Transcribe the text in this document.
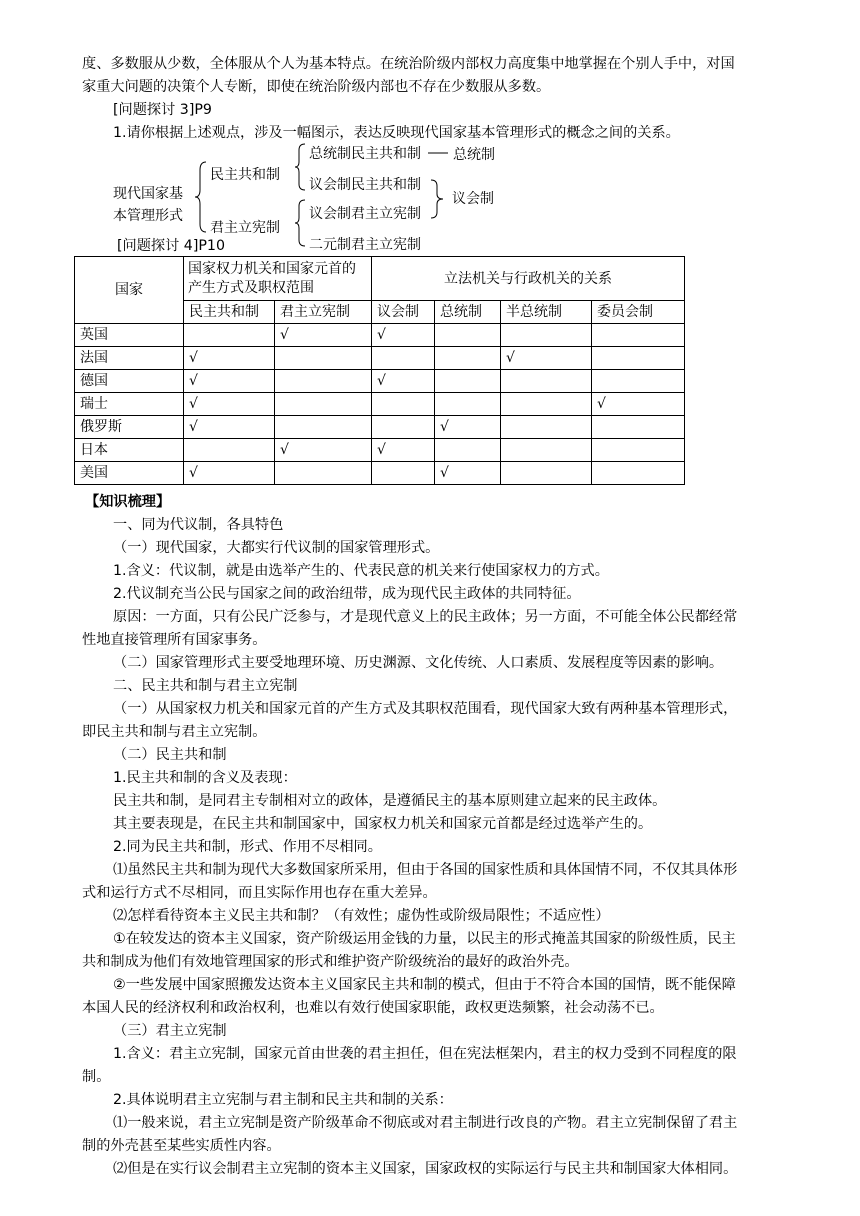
度、多数服从少数，全体服从个人为基本特点。在统治阶级内部权力高度集中地掌握在个别人手中，对国
家重大问题的决策个人专断，即使在统治阶级内部也不存在少数服从多数。
[问题探讨 3]P9
1.请你根据上述观点，涉及一幅图示，表达反映现代国家基本管理形式的概念之间的关系。
现代国家基
本管理形式
民主共和制
君主立宪制
总统制民主共和制
议会制民主共和制
议会制君主立宪制
二元制君主立宪制
总统制
议会制
[问题探讨 4]P10
国家	国家权力机关和国家元首的产生方式及职权范围		立法机关与行政机关的关系			
	民主共和制	君主立宪制	议会制	总统制	半总统制	委员会制
英国		√	√			
法国	√				√	
德国	√		√			
瑞士	√					√
俄罗斯	√			√		
日本		√	√			
美国	√			√		
【知识梳理】
一、同为代议制，各具特色
（一）现代国家，大都实行代议制的国家管理形式。
1.含义：代议制，就是由选举产生的、代表民意的机关来行使国家权力的方式。
2.代议制充当公民与国家之间的政治纽带，成为现代民主政体的共同特征。
原因：一方面，只有公民广泛参与，才是现代意义上的民主政体；另一方面，不可能全体公民都经常
性地直接管理所有国家事务。
（二）国家管理形式主要受地理环境、历史渊源、文化传统、人口素质、发展程度等因素的影响。
二、民主共和制与君主立宪制
（一）从国家权力机关和国家元首的产生方式及其职权范围看，现代国家大致有两种基本管理形式，
即民主共和制与君主立宪制。
（二）民主共和制
1.民主共和制的含义及表现：
民主共和制，是同君主专制相对立的政体，是遵循民主的基本原则建立起来的民主政体。
其主要表现是，在民主共和制国家中，国家权力机关和国家元首都是经过选举产生的。
2.同为民主共和制，形式、作用不尽相同。
⑴虽然民主共和制为现代大多数国家所采用，但由于各国的国家性质和具体国情不同，不仅其具体形
式和运行方式不尽相同，而且实际作用也存在重大差异。
⑵怎样看待资本主义民主共和制？（有效性；虚伪性或阶级局限性；不适应性）
①在较发达的资本主义国家，资产阶级运用金钱的力量，以民主的形式掩盖其国家的阶级性质，民主
共和制成为他们有效地管理国家的形式和维护资产阶级统治的最好的政治外壳。
②一些发展中国家照搬发达资本主义国家民主共和制的模式，但由于不符合本国的国情，既不能保障
本国人民的经济权利和政治权利，也难以有效行使国家职能，政权更迭频繁，社会动荡不已。
（三）君主立宪制
1.含义：君主立宪制，国家元首由世袭的君主担任，但在宪法框架内，君主的权力受到不同程度的限
制。
2.具体说明君主立宪制与君主制和民主共和制的关系：
⑴一般来说，君主立宪制是资产阶级革命不彻底或对君主制进行改良的产物。君主立宪制保留了君主
制的外壳甚至某些实质性内容。
⑵但是在实行议会制君主立宪制的资本主义国家，国家政权的实际运行与民主共和制国家大体相同。
